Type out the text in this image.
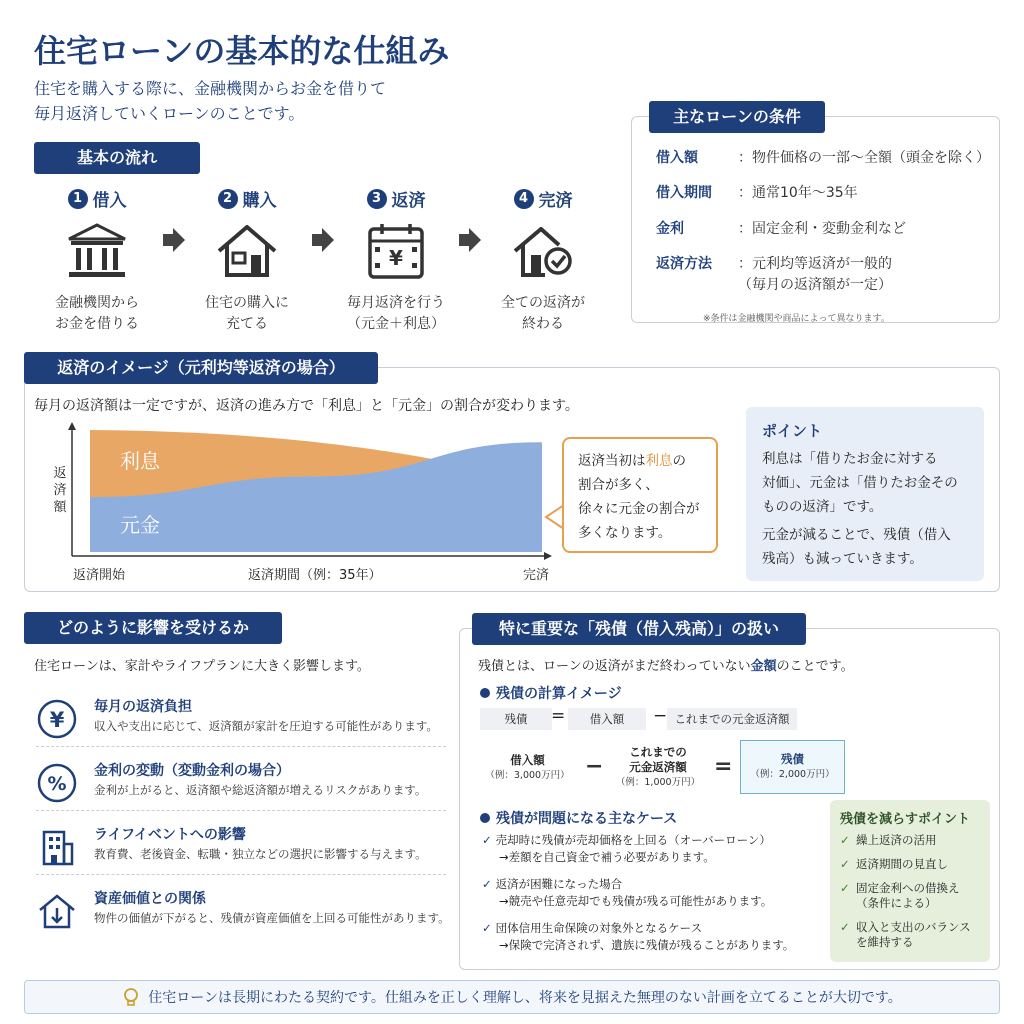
住宅ローンの基本的な仕組み
住宅を購入する際に、金融機関からお金を借りて
毎月返済していくローンのことです。
基本の流れ
1 借入
金融機関から
お金を借りる
2 購入
住宅の購入に
充てる
3 返済
¥
毎月返済を行う
（元金＋利息）
4 完済
全ての返済が
終わる
主なローンの条件
借入額	：物件価格の一部〜全額（頭金を除く）
借入期間	：通常10年〜35年
金利	：固定金利・変動金利など
返済方法	：元利均等返済が一般的
（毎月の返済額が一定）
※条件は金融機関や商品によって異なります。
返済のイメージ（元利均等返済の場合）
毎月の返済額は一定ですが、返済の進み方で「利息」と「元金」の割合が変わります。
利息
元金
返済額
返済開始	返済期間（例：35年）	完済
返済当初は利息の
割合が多く、
徐々に元金の割合が
多くなります。
ポイント
利息は「借りたお金に対する
対価」、元金は「借りたお金その
ものの返済」です。
元金が減ることで、残債（借入
残高）も減っていきます。
どのように影響を受けるか
住宅ローンは、家計やライフプランに大きく影響します。
¥
毎月の返済負担
収入や支出に応じて、返済額が家計を圧迫する可能性があります。
%
金利の変動（変動金利の場合）
金利が上がると、返済額や総返済額が増えるリスクがあります。
ライフイベントへの影響
教育費、老後資金、転職・独立などの選択に影響する与えます。
資産価値との関係
物件の価値が下がると、残債が資産価値を上回る可能性があります。
特に重要な「残債（借入残高）」の扱い
残債とは、ローンの返済がまだ終わっていない金額のことです。
残債の計算イメージ
残債	=	借入額	− これまでの元金返済額
借入額
（例：3,000万円） −
これまでの
元金返済額
（例：1,000万円）
=	残債
（例：2,000万円）
残債が問題になる主なケース
✓ 売却時に残債が売却価格を上回る（オーバーローン）
→差額を自己資金で補う必要があります。
✓ 返済が困難になった場合
→競売や任意売却でも残債が残る可能性があります。
✓ 団体信用生命保険の対象外となるケース
→保険で完済されず、遺族に残債が残ることがあります。
残債を減らすポイント
✓ 繰上返済の活用
✓ 返済期間の見直し
✓ 固定金利への借換え
（条件による）
✓ 収入と支出のバランス
を維持する
住宅ローンは長期にわたる契約です。仕組みを正しく理解し、将来を見据えた無理のない計画を立てることが大切です。
